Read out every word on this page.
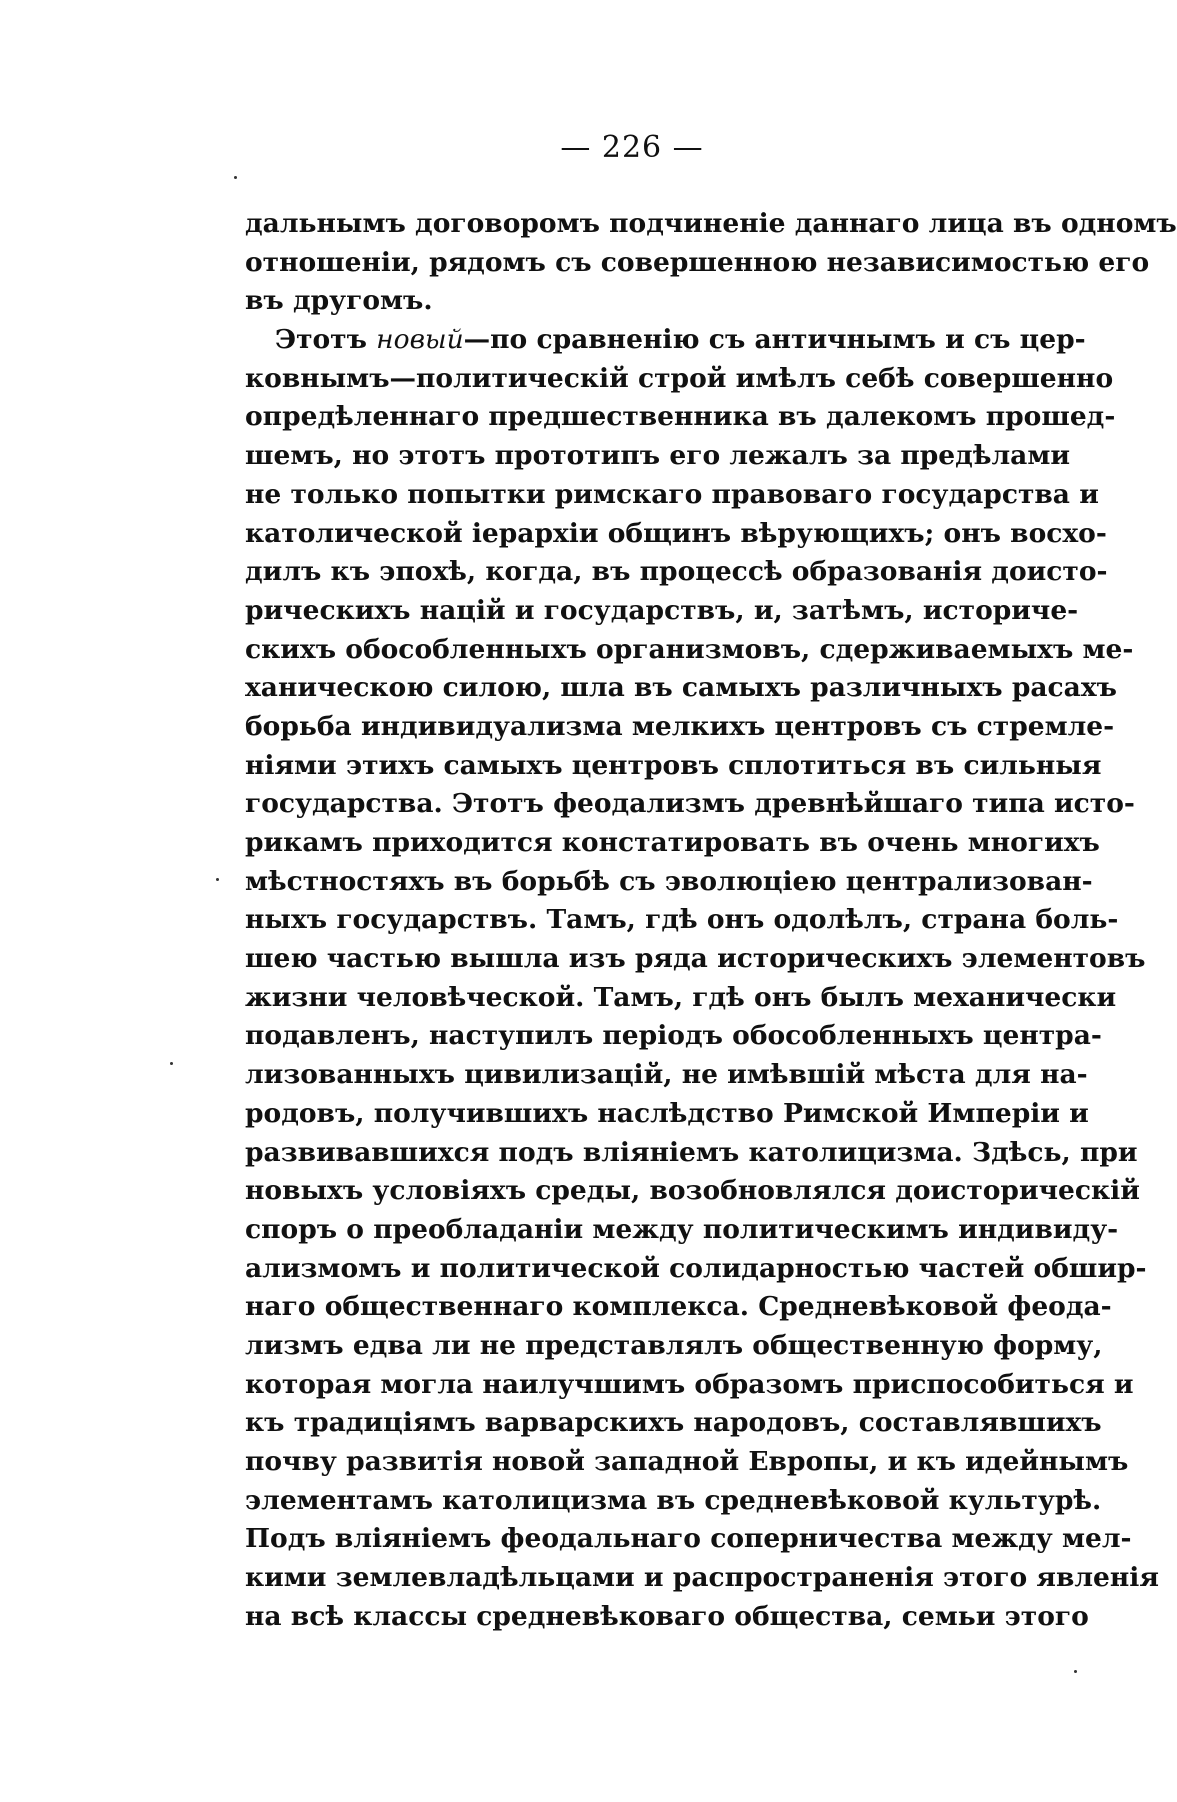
— 226 —
дальнымъ договоромъ подчиненіе даннаго лица въ одномъ
отношеніи, рядомъ съ совершенною независимостью его
въ другомъ.
Этотъ новый—по сравненію съ античнымъ и съ цер-
ковнымъ—политическій строй имѣлъ себѣ совершенно
опредѣленнаго предшественника въ далекомъ прошед-
шемъ, но этотъ прототипъ его лежалъ за предѣлами
не только попытки римскаго правоваго государства и
католической іерархіи общинъ вѣрующихъ; онъ восхо-
дилъ къ эпохѣ, когда, въ процессѣ образованія доисто-
рическихъ націй и государствъ, и, затѣмъ, историче-
скихъ обособленныхъ организмовъ, сдерживаемыхъ ме-
ханическою силою, шла въ самыхъ различныхъ расахъ
борьба индивидуализма мелкихъ центровъ съ стремле-
ніями этихъ самыхъ центровъ сплотиться въ сильныя
государства. Этотъ феодализмъ древнѣйшаго типа исто-
рикамъ приходится констатировать въ очень многихъ
мѣстностяхъ въ борьбѣ съ эволюціею централизован-
ныхъ государствъ. Тамъ, гдѣ онъ одолѣлъ, страна боль-
шею частью вышла изъ ряда историческихъ элементовъ
жизни человѣческой. Тамъ, гдѣ онъ былъ механически
подавленъ, наступилъ періодъ обособленныхъ центра-
лизованныхъ цивилизацій, не имѣвшій мѣста для на-
родовъ, получившихъ наслѣдство Римской Имперіи и
развивавшихся подъ вліяніемъ католицизма. Здѣсь, при
новыхъ условіяхъ среды, возобновлялся доисторическій
споръ о преобладаніи между политическимъ индивиду-
ализмомъ и политической солидарностью частей обшир-
наго общественнаго комплекса. Средневѣковой феода-
лизмъ едва ли не представлялъ общественную форму,
которая могла наилучшимъ образомъ приспособиться и
къ традиціямъ варварскихъ народовъ, составлявшихъ
почву развитія новой западной Европы, и къ идейнымъ
элементамъ католицизма въ средневѣковой культурѣ.
Подъ вліяніемъ феодальнаго соперничества между мел-
кими землевладѣльцами и распространенія этого явленія
на всѣ классы средневѣковаго общества, семьи этого
